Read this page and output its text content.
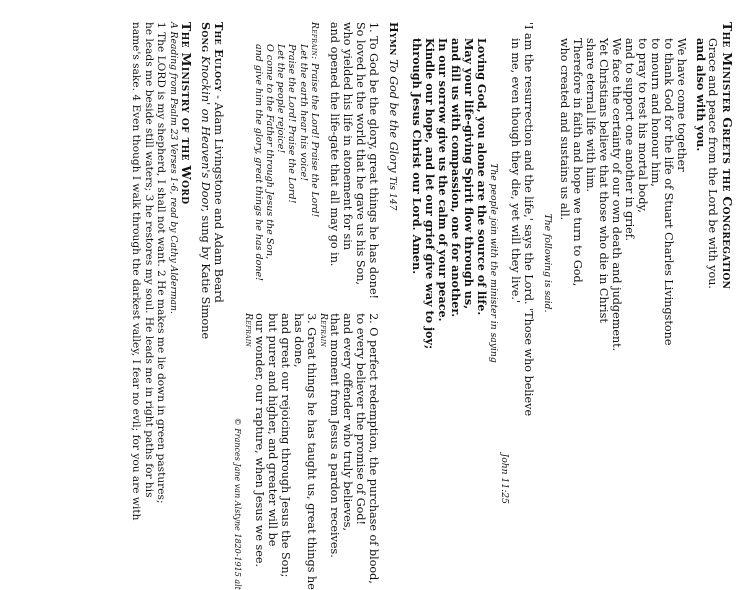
The Minister Greets the Congregation
Grace and peace from the Lord be with you.
and also with you.
We have come together
to thank God for the life of Stuart Charles Livingstone
to mourn and honour him,
to pray to rest his mortal body,
and to support one another in grief.
We face the certainty of our own death and judgement.
Yet Christians believe that those who die in Christ
share eternal life with him.
Therefore in faith and hope we turn to God,
who created and sustains us all.
The following is said.
'I am the resurrection and the life,' says the Lord. 'Those who believe
in me, even though they die, yet will they live.'
John 11:25
The people join with the minister in saying
Loving God, you alone are the source of life.
May your life-giving Spirit flow through us,
and fill us with compassion, one for another.
In our sorrow give us the calm of your peace.
Kindle our hope, and let our grief give way to joy;
through Jesus Christ our Lord. Amen.
Hymn To God be the Glory Tis 147
1. To God be the glory, great things he has done!
So loved he the world that he gave us his Son,
who yielded his life in atonement for sin
and opened the life-gate that all may go in.
Refrain: Praise the Lord! Praise the Lord!
Let the earth hear his voice!
Praise the Lord! Praise the Lord!
Let the people rejoice!
O come to the Father through Jesus the Son,
and give him the glory, great things he has done!
2. O perfect redemption, the purchase of blood,
to every believer the promise of God!
and every offender who truly believes,
that moment from Jesus a pardon receives.
Refrain
3. Great things he has taught us, great things he
has done,
and great our rejoicing through Jesus the Son;
but purer and higher, and greater will be
our wonder, our rapture, when Jesus we see.
Refrain
© Frances Jane van Alstyne 1820-1915 alt
The Eulogy - Adam Livingstone and Adam Beard
Song Knockin' on Heaven's Door, sung by Katie Simone
The Ministry of the Word
A Reading from Psalm 23 Verses 1-6, read by Cathy Alderman.
1 The LORD is my shepherd, I shall not want. 2 He makes me lie down in green pastures;
he leads me beside still waters; 3 he restores my soul. He leads me in right paths for his
name's sake. 4 Even though I walk through the darkest valley, I fear no evil; for you are with
